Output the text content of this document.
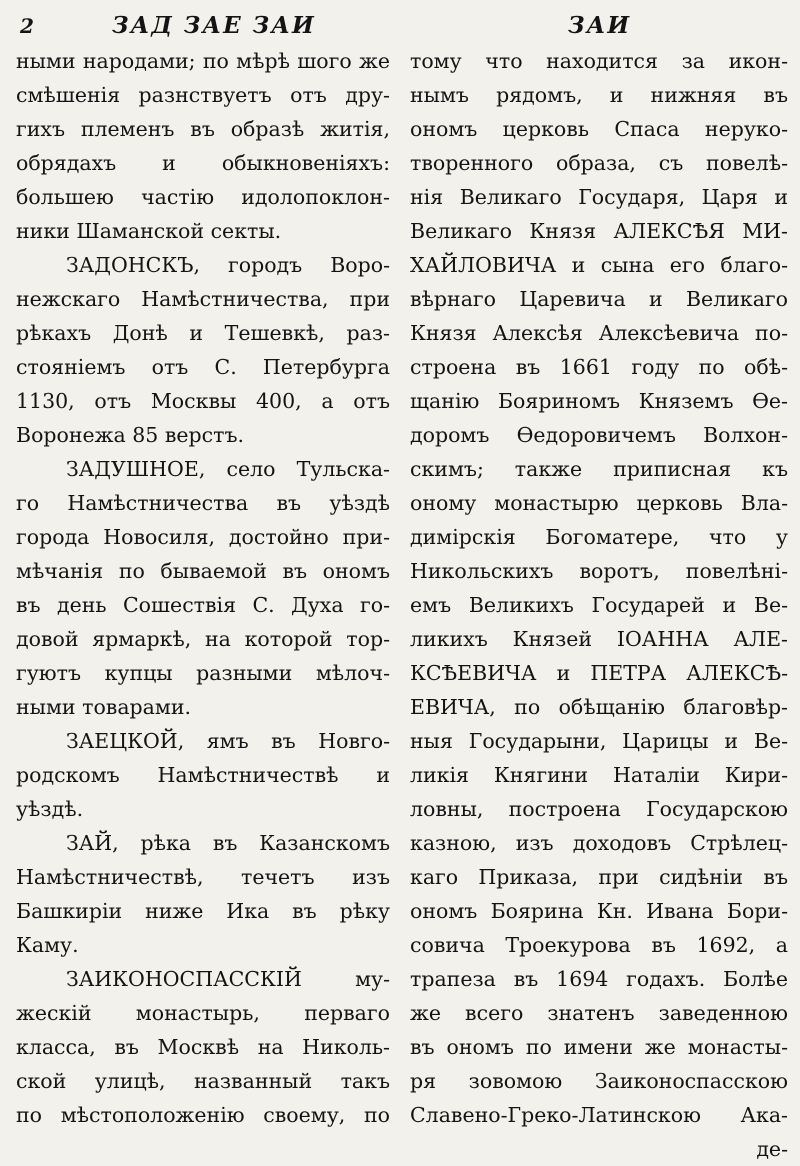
2	ЗАД ЗАЕ ЗАИ	ЗАИ
ными народами; по мѣрѣ шого же
смѣшенія разнствуетъ отъ дру-
гихъ племенъ въ образѣ житія,
обрядахъ и обыкновеніяхъ:
большею частію идолопоклон-
ники Шаманской секты.
ЗАДОНСКЪ, городъ Воро-
нежскаго Намѣстничества, при
рѣкахъ Донѣ и Тешевкѣ, раз-
стояніемъ отъ С. Петербурга
1130, отъ Москвы 400, а отъ
Воронежа 85 верстъ.
ЗАДУШНОЕ, село Тульска-
го Намѣстничества въ уѣздѣ
города Новосиля, достойно при-
мѣчанія по бываемой въ ономъ
въ день Сошествія С. Духа го-
довой ярмаркѣ, на которой тор-
гуютъ купцы разными мѣлоч-
ными товарами.
ЗАЕЦКОЙ, ямъ въ Новго-
родскомъ Намѣстничествѣ и
уѣздѣ.
ЗАЙ, рѣка въ Казанскомъ
Намѣстничествѣ, течетъ изъ
Башкиріи ниже Ика въ рѣку
Каму.
ЗАИКОНОСПАССКІЙ му-
жескій монастырь, перваго
класса, въ Москвѣ на Николь-
ской улицѣ, названный такъ
по мѣстоположенію своему, по
тому что находится за икон-
нымъ рядомъ, и нижняя въ
ономъ церковь Спаса неруко-
творенного образа, съ повелѣ-
нія Великаго Государя, Царя и
Великаго Князя АЛЕКСѢЯ МИ-
ХАЙЛОВИЧА и сына его благо-
вѣрнаго Царевича и Великаго
Князя Алексѣя Алексѣевича по-
строена въ 1661 году по обѣ-
щанію Бояриномъ Княземъ Ѳе-
доромъ Ѳедоровичемъ Волхон-
скимъ; также приписная къ
оному монастырю церковь Вла-
димірскія Богоматере, что у
Никольскихъ воротъ, повелѣні-
емъ Великихъ Государей и Ве-
ликихъ Князей ІОАННА АЛЕ-
КСѢЕВИЧА и ПЕТРА АЛЕКСѢ-
ЕВИЧА, по обѣщанію благовѣр-
ныя Государыни, Царицы и Ве-
ликія Княгини Наталіи Кири-
ловны, построена Государскою
казною, изъ доходовъ Стрѣлец-
каго Приказа, при сидѣніи въ
ономъ Боярина Кн. Ивана Бори-
совича Троекурова въ 1692, а
трапеза въ 1694 годахъ. Болѣе
же всего знатенъ заведенною
въ ономъ по имени же монасты-
ря зовомою Заиконоспасскою
Славено-Греко-Латинскою Ака-
де-
